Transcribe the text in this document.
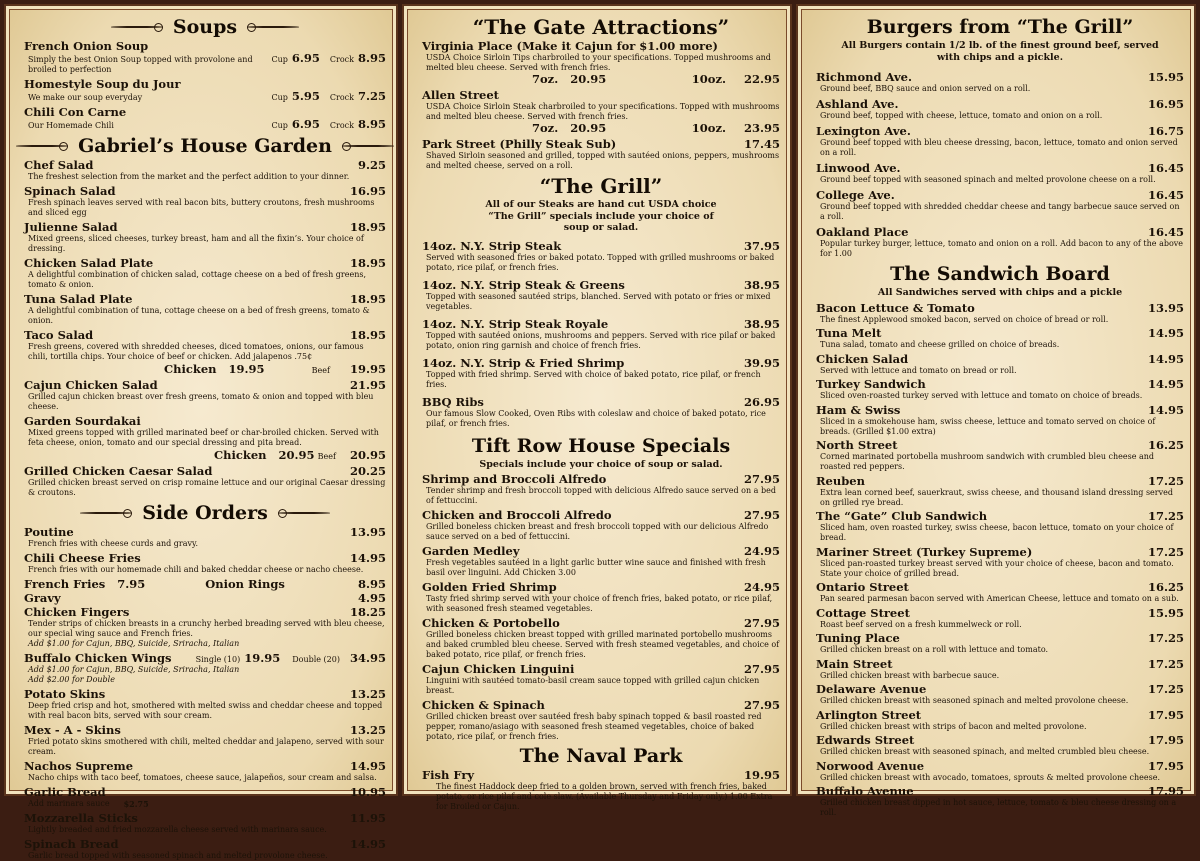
Soups
French Onion Soup
Simply the best Onion Soup topped with provolone and broiled to perfection
Cup 6.95 Crock 8.95
Homestyle Soup du Jour
We make our soup everyday	Cup 5.95 Crock 7.25
Chili Con Carne
Our Homemade Chili	Cup 6.95 Crock 8.95
Gabriel’s House Garden
Chef Salad	9.25
The freshest selection from the market and the perfect addition to your dinner.
Spinach Salad	16.95
Fresh spinach leaves served with real bacon bits, buttery croutons, fresh mushrooms and sliced egg
Julienne Salad	18.95
Mixed greens, sliced cheeses, turkey breast, ham and all the fixin’s. Your choice of dressing.
Chicken Salad Plate	18.95
A delightful combination of chicken salad, cottage cheese on a bed of fresh greens, tomato & onion.
Tuna Salad Plate	18.95
A delightful combination of tuna, cottage cheese on a bed of fresh greens, tomato & onion.
Taco Salad	18.95
Fresh greens, covered with shredded cheeses, diced tomatoes, onions, our famous chili, tortilla chips. Your choice of beef or chicken. Add jalapenos .75¢
Chicken 19.95	Beef 19.95
Cajun Chicken Salad	21.95
Grilled cajun chicken breast over fresh greens, tomato & onion and topped with bleu cheese.
Garden Sourdakai
Mixed greens topped with grilled marinated beef or char-broiled chicken. Served with feta cheese, onion, tomato and our special dressing and pita bread.
Chicken 20.95 Beef 20.95
Grilled Chicken Caesar Salad	20.25
Grilled chicken breast served on crisp romaine lettuce and our original Caesar dressing & croutons.
Side Orders
Poutine	13.95
French fries with cheese curds and gravy.
Chili Cheese Fries	14.95
French fries with our homemade chili and baked cheddar cheese or nacho cheese.
French Fries 7.95	Onion Rings	8.95
Gravy	4.95
Chicken Fingers	18.25
Tender strips of chicken breasts in a crunchy herbed breading served with bleu cheese, our special wing sauce and French fries.
Add $1.00 for Cajun, BBQ, Suicide, Sriracha, Italian
Buffalo Chicken Wings	Single (10) 19.95 Double (20) 34.95
Add $1.00 for Cajun, BBQ, Suicide, Sriracha, Italian
Add $2.00 for Double
Potato Skins	13.25
Deep fried crisp and hot, smothered with melted swiss and cheddar cheese and topped with real bacon bits, served with sour cream.
Mex - A - Skins	13.25
Fried potato skins smothered with chili, melted cheddar and jalapeno, served with sour cream.
Nachos Supreme	14.95
Nacho chips with taco beef, tomatoes, cheese sauce, jalapeños, sour cream and salsa.
Garlic Bread	10.95
Add marinara sauce $2.75
Mozzarella Sticks	11.95
Lightly breaded and fried mozzarella cheese served with marinara sauce.
Spinach Bread	14.95
Garlic bread topped with seasoned spinach and melted provolone cheese.
“The Gate Attractions”
Virginia Place (Make it Cajun for $1.00 more)
USDA Choice Sirloin Tips charbroiled to your specifications. Topped mushrooms and melted bleu cheese. Served with french fries.
7oz. 20.95	10oz. 22.95
Allen Street
USDA Choice Sirloin Steak charbroiled to your specifications. Topped with mushrooms and melted bleu cheese. Served with french fries.
7oz. 20.95	10oz. 23.95
Park Street (Philly Steak Sub)	17.45
Shaved Sirloin seasoned and grilled, topped with sautéed onions, peppers, mushrooms and melted cheese, served on a roll.
“The Grill”
All of our Steaks are hand cut USDA choice “The Grill” specials include your choice of soup or salad.
14oz. N.Y. Strip Steak	37.95
Served with seasoned fries or baked potato. Topped with grilled mushrooms or baked potato, rice pilaf, or french fries.
14oz. N.Y. Strip Steak & Greens	38.95
Topped with seasoned sautéed strips, blanched. Served with potato or fries or mixed vegetables.
14oz. N.Y. Strip Steak Royale	38.95
Topped with sautéed onions, mushrooms and peppers. Served with rice pilaf or baked potato, onion ring garnish and choice of french fries.
14oz. N.Y. Strip & Fried Shrimp	39.95
Topped with fried shrimp. Served with choice of baked potato, rice pilaf, or french fries.
BBQ Ribs	26.95
Our famous Slow Cooked, Oven Ribs with coleslaw and choice of baked potato, rice pilaf, or french fries.
Tift Row House Specials
Specials include your choice of soup or salad.
Shrimp and Broccoli Alfredo	27.95
Tender shrimp and fresh broccoli topped with delicious Alfredo sauce served on a bed of fettuccini.
Chicken and Broccoli Alfredo	27.95
Grilled boneless chicken breast and fresh broccoli topped with our delicious Alfredo sauce served on a bed of fettuccini.
Garden Medley	24.95
Fresh vegetables sautéed in a light garlic butter wine sauce and finished with fresh basil over linguini. Add Chicken 3.00
Golden Fried Shrimp	24.95
Tasty fried shrimp served with your choice of french fries, baked potato, or rice pilaf, with seasoned fresh steamed vegetables.
Chicken & Portobello	27.95
Grilled boneless chicken breast topped with grilled marinated portobello mushrooms and baked crumbled bleu cheese. Served with fresh steamed vegetables, and choice of baked potato, rice pilaf, or french fries.
Cajun Chicken Linguini	27.95
Linguini with sautéed tomato-basil cream sauce topped with grilled cajun chicken breast.
Chicken & Spinach	27.95
Grilled chicken breast over sautéed fresh baby spinach topped & basil roasted red pepper, romano/asiago with seasoned fresh steamed vegetables, choice of baked potato, rice pilaf, or french fries.
The Naval Park
Fish Fry	19.95
The finest Haddock deep fried to a golden brown, served with french fries, baked potato, or rice pilaf and cole slaw. (Available Thursday and Friday only.) 1.00 Extra for Broiled or Cajun.
Burgers from “The Grill”
All Burgers contain 1/2 lb. of the finest ground beef, served with chips and a pickle.
Richmond Ave.	15.95
Ground beef, BBQ sauce and onion served on a roll.
Ashland Ave.	16.95
Ground beef, topped with cheese, lettuce, tomato and onion on a roll.
Lexington Ave.	16.75
Ground beef topped with bleu cheese dressing, bacon, lettuce, tomato and onion served on a roll.
Linwood Ave.	16.45
Ground beef topped with seasoned spinach and melted provolone cheese on a roll.
College Ave.	16.45
Ground beef topped with shredded cheddar cheese and tangy barbecue sauce served on a roll.
Oakland Place	16.45
Popular turkey burger, lettuce, tomato and onion on a roll. Add bacon to any of the above for 1.00
The Sandwich Board
All Sandwiches served with chips and a pickle
Bacon Lettuce & Tomato	13.95
The finest Applewood smoked bacon, served on choice of bread or roll.
Tuna Melt	14.95
Tuna salad, tomato and cheese grilled on choice of breads.
Chicken Salad	14.95
Served with lettuce and tomato on bread or roll.
Turkey Sandwich	14.95
Sliced oven-roasted turkey served with lettuce and tomato on choice of breads.
Ham & Swiss	14.95
Sliced in a smokehouse ham, swiss cheese, lettuce and tomato served on choice of breads. (Grilled $1.00 extra)
North Street	16.25
Corned marinated portobella mushroom sandwich with crumbled bleu cheese and roasted red peppers.
Reuben	17.25
Extra lean corned beef, sauerkraut, swiss cheese, and thousand island dressing served on grilled rye bread.
The “Gate” Club Sandwich	17.25
Sliced ham, oven roasted turkey, swiss cheese, bacon lettuce, tomato on your choice of bread.
Mariner Street (Turkey Supreme)	17.25
Sliced pan-roasted turkey breast served with your choice of cheese, bacon and tomato. State your choice of grilled bread.
Ontario Street	16.25
Pan seared parmesan bacon served with American Cheese, lettuce and tomato on a sub.
Cottage Street	15.95
Roast beef served on a fresh kummelweck or roll.
Tuning Place	17.25
Grilled chicken breast on a roll with lettuce and tomato.
Main Street	17.25
Grilled chicken breast with barbecue sauce.
Delaware Avenue	17.25
Grilled chicken breast with seasoned spinach and melted provolone cheese.
Arlington Street	17.95
Grilled chicken breast with strips of bacon and melted provolone.
Edwards Street	17.95
Grilled chicken breast with seasoned spinach, and melted crumbled bleu cheese.
Norwood Avenue	17.95
Grilled chicken breast with avocado, tomatoes, sprouts & melted provolone cheese.
Buffalo Avenue	17.95
Grilled chicken breast dipped in hot sauce, lettuce, tomato & bleu cheese dressing on a roll.
